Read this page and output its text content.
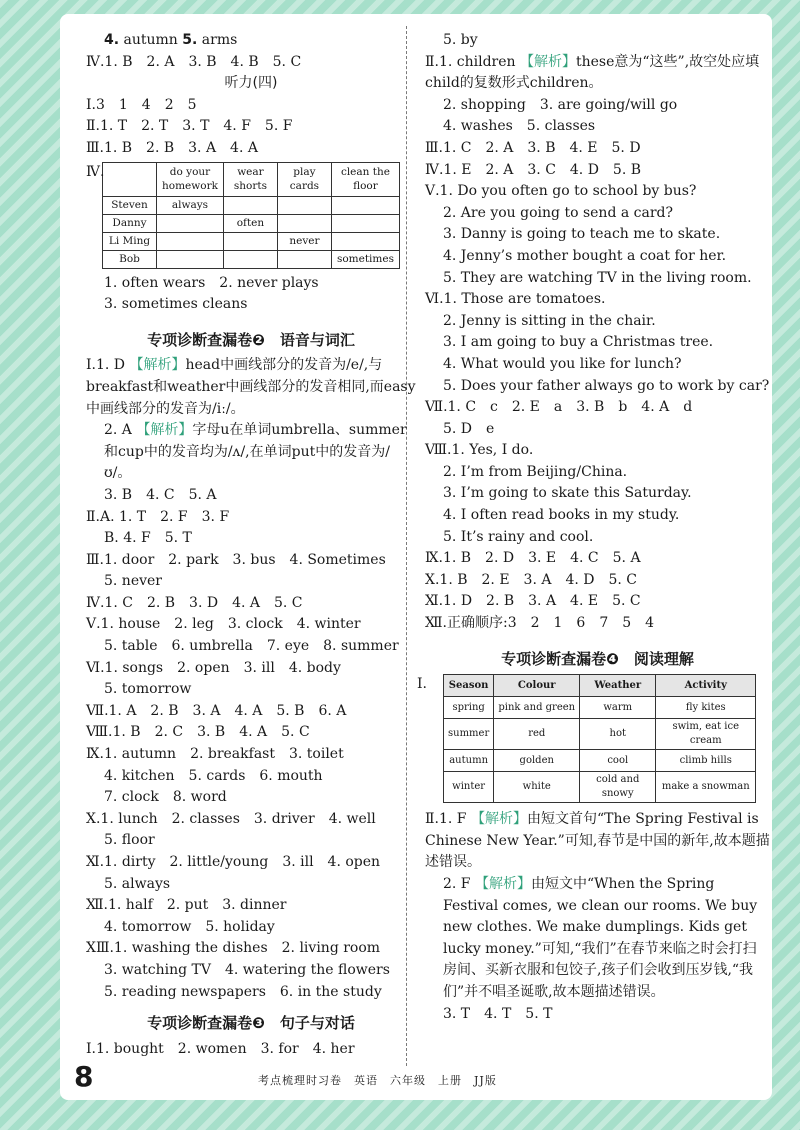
4. autumn 5. arms
Ⅳ.1. B　2. A　3. B　4. B　5. C
听力(四)
Ⅰ.3　1　4　2　5
Ⅱ.1. T　2. T　3. T　4. F　5. F
Ⅲ.1. B　2. B　3. A　4. A
Ⅳ.
		do your homework	wear shorts	play cards	clean the floor
Steven	always			
Danny		often		
Li Ming			never	
Bob				sometimes
1. often wears　2. never plays
3. sometimes cleans
专项诊断查漏卷❷　语音与词汇
Ⅰ.1. D 【解析】head中画线部分的发音为/e/,与breakfast和weather中画线部分的发音相同,而easy中画线部分的发音为/iː/。
2. A 【解析】字母u在单词umbrella、summer和cup中的发音均为/ʌ/,在单词put中的发音为/ʊ/。
3. B　4. C　5. A
Ⅱ.A. 1. T　2. F　3. F
B. 4. F　5. T
Ⅲ.1. door　2. park　3. bus　4. Sometimes
5. never
Ⅳ.1. C　2. B　3. D　4. A　5. C
Ⅴ.1. house　2. leg　3. clock　4. winter
5. table　6. umbrella　7. eye　8. summer
Ⅵ.1. songs　2. open　3. ill　4. body
5. tomorrow
Ⅶ.1. A　2. B　3. A　4. A　5. B　6. A
Ⅷ.1. B　2. C　3. B　4. A　5. C
Ⅸ.1. autumn　2. breakfast　3. toilet
4. kitchen　5. cards　6. mouth
7. clock　8. word
Ⅹ.1. lunch　2. classes　3. driver　4. well
5. floor
Ⅺ.1. dirty　2. little/young　3. ill　4. open
5. always
Ⅻ.1. half　2. put　3. dinner
4. tomorrow　5. holiday
ⅩⅢ.1. washing the dishes　2. living room
3. watching TV　4. watering the flowers
5. reading newspapers　6. in the study
专项诊断查漏卷❸　句子与对话
Ⅰ.1. bought　2. women　3. for　4. her
5. by
Ⅱ.1. children 【解析】these意为“这些”,故空处应填child的复数形式children。
2. shopping　3. are going/will go
4. washes　5. classes
Ⅲ.1. C　2. A　3. B　4. E　5. D
Ⅳ.1. E　2. A　3. C　4. D　5. B
Ⅴ.1. Do you often go to school by bus?
2. Are you going to send a card?
3. Danny is going to teach me to skate.
4. Jenny’s mother bought a coat for her.
5. They are watching TV in the living room.
Ⅵ.1. Those are tomatoes.
2. Jenny is sitting in the chair.
3. I am going to buy a Christmas tree.
4. What would you like for lunch?
5. Does your father always go to work by car?
Ⅶ.1. C　c　2. E　a　3. B　b　4. A　d
5. D　e
Ⅷ.1. Yes, I do.
2. I’m from Beijing/China.
3. I’m going to skate this Saturday.
4. I often read books in my study.
5. It’s rainy and cool.
Ⅸ.1. B　2. D　3. E　4. C　5. A
Ⅹ.1. B　2. E　3. A　4. D　5. C
Ⅺ.1. D　2. B　3. A　4. E　5. C
Ⅻ.正确顺序:3　2　1　6　7　5　4
专项诊断查漏卷❹　阅读理解
Ⅰ. Season	Colour	Weather	Activity
spring	pink and green	warm	fly kites
summer	red	hot	swim, eat ice cream
autumn	golden	cool	climb hills
winter	white	cold and snowy	make a snowman
Ⅱ.1. F 【解析】由短文首句“The Spring Festival is Chinese New Year.”可知,春节是中国的新年,故本题描述错误。
2. F 【解析】由短文中“When the Spring Festival comes, we clean our rooms. We buy new clothes. We make dumplings. Kids get lucky money.”可知,“我们”在春节来临之时会打扫房间、买新衣服和包饺子,孩子们会收到压岁钱,“我们”并不唱圣诞歌,故本题描述错误。
3. T　4. T　5. T
8	考点梳理时习卷　英语　六年级　上册　JJ版
